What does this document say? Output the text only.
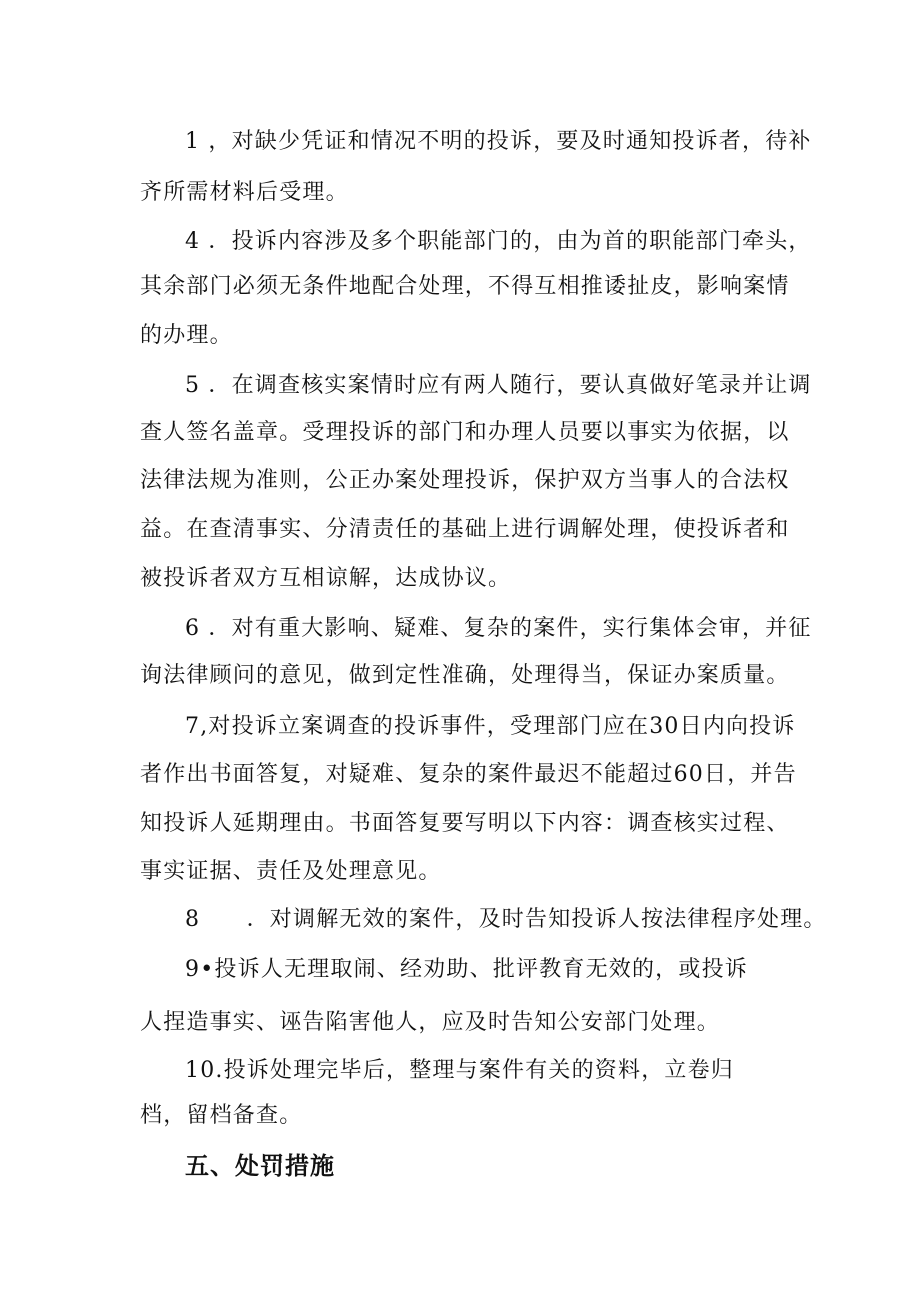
1 ，对缺少凭证和情况不明的投诉，要及时通知投诉者，待补
齐所需材料后受理。
4 ．投诉内容涉及多个职能部门的，由为首的职能部门牵头，
其余部门必须无条件地配合处理，不得互相推诿扯皮，影响案情
的办理。
5 ．在调查核实案情时应有两人随行，要认真做好笔录并让调
查人签名盖章。受理投诉的部门和办理人员要以事实为依据，以
法律法规为准则，公正办案处理投诉，保护双方当事人的合法权
益。在查清事实、分清责任的基础上进行调解处理，使投诉者和
被投诉者双方互相谅解，达成协议。
6 ．对有重大影响、疑难、复杂的案件，实行集体会审，并征
询法律顾问的意见，做到定性准确，处理得当，保证办案质量。
7,对投诉立案调查的投诉事件，受理部门应在30日内向投诉
者作出书面答复，对疑难、复杂的案件最迟不能超过60日，并告
知投诉人延期理由。书面答复要写明以下内容：调查核实过程、
事实证据、责任及处理意见。
8　　．对调解无效的案件，及时告知投诉人按法律程序处理。
9•投诉人无理取闹、经劝助、批评教育无效的，或投诉
人捏造事实、诬告陷害他人，应及时告知公安部门处理。
10.投诉处理完毕后，整理与案件有关的资料，立卷归
档，留档备查。
五、处罚措施
